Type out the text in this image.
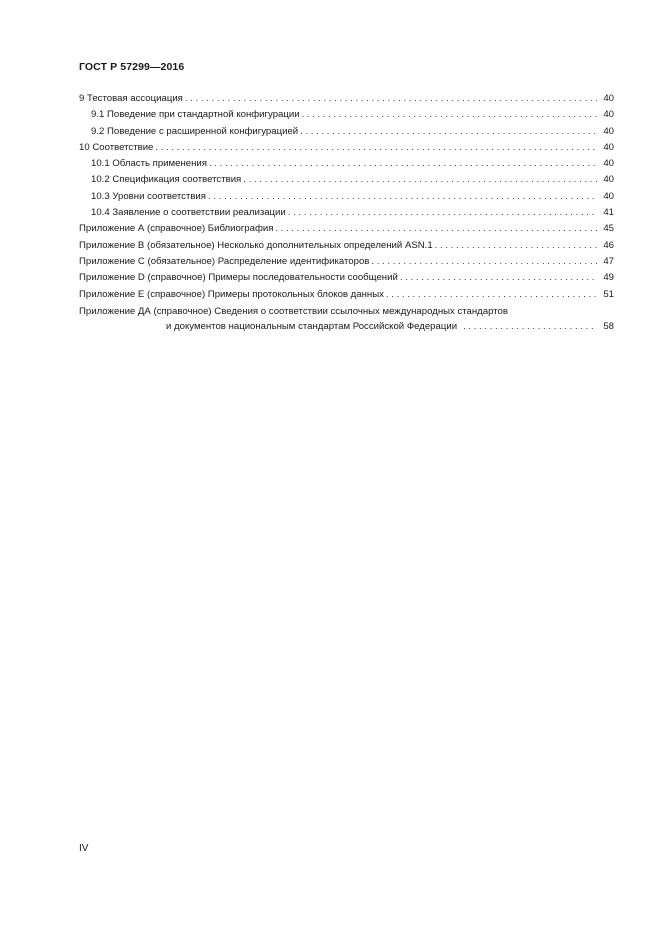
ГОСТ Р 57299—2016
9 Тестовая ассоциация . . .	40
9.1 Поведение при стандартной конфигурации . . .	40
9.2 Поведение с расширенной конфигурацией . . .	40
10 Соответствие . . .	40
10.1 Область применения . . .	40
10.2 Спецификация соответствия . . .	40
10.3 Уровни соответствия . . .	40
10.4 Заявление о соответствии реализации . . .	41
Приложение А (справочное) Библиография . . .	45
Приложение В (обязательное) Несколько дополнительных определений ASN.1 . . .	46
Приложение С (обязательное) Распределение идентификаторов . . .	47
Приложение D (справочное) Примеры последовательности сообщений . . .	49
Приложение Е (справочное) Примеры протокольных блоков данных . . .	51
Приложение ДА (справочное) Сведения о соответствии ссылочных международных стандартов
и документов национальным стандартам Российской Федерации . . .	58
IV
